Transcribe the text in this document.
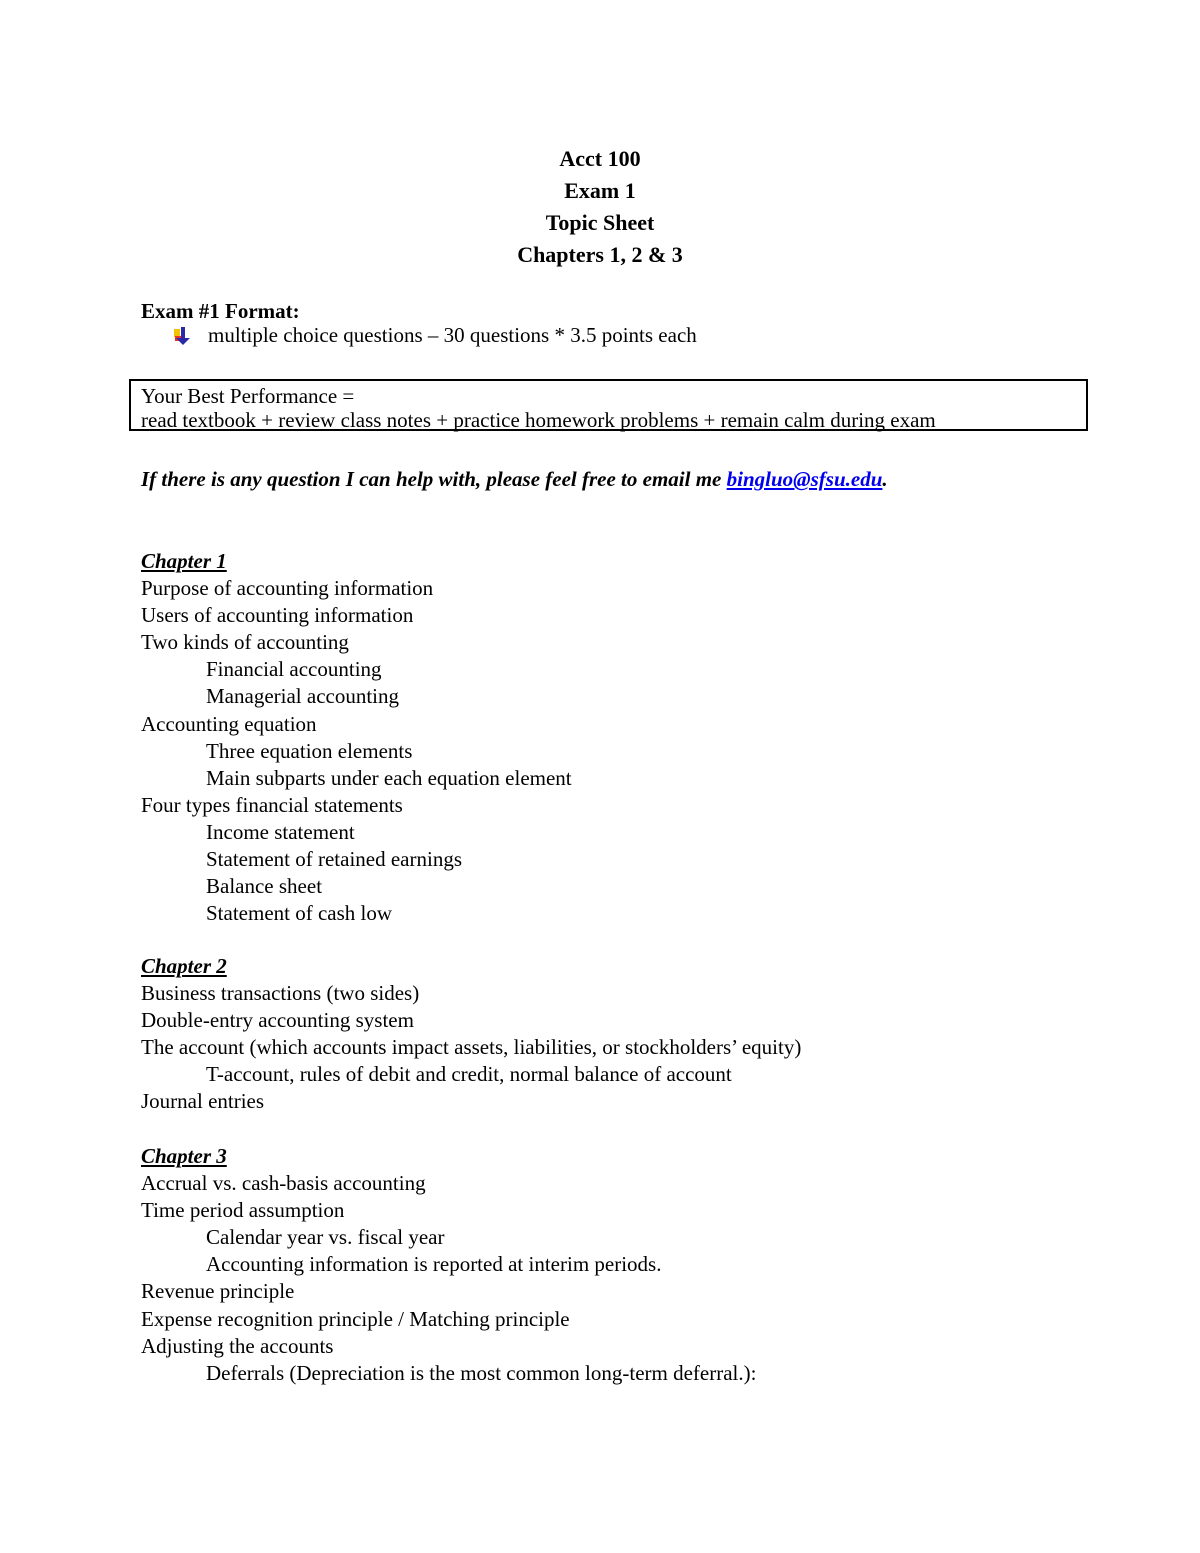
Acct 100
Exam 1
Topic Sheet
Chapters 1, 2 & 3
Exam #1 Format:
multiple choice questions – 30 questions * 3.5 points each
Your Best Performance =
read textbook + review class notes + practice homework problems + remain calm during exam
If there is any question I can help with, please feel free to email me bingluo@sfsu.edu.
Chapter 1
Purpose of accounting information
Users of accounting information
Two kinds of accounting
Financial accounting
Managerial accounting
Accounting equation
Three equation elements
Main subparts under each equation element
Four types financial statements
Income statement
Statement of retained earnings
Balance sheet
Statement of cash low
Chapter 2
Business transactions (two sides)
Double-entry accounting system
The account (which accounts impact assets, liabilities, or stockholders’ equity)
T-account, rules of debit and credit, normal balance of account
Journal entries
Chapter 3
Accrual vs. cash-basis accounting
Time period assumption
Calendar year vs. fiscal year
Accounting information is reported at interim periods.
Revenue principle
Expense recognition principle / Matching principle
Adjusting the accounts
Deferrals (Depreciation is the most common long-term deferral.):
